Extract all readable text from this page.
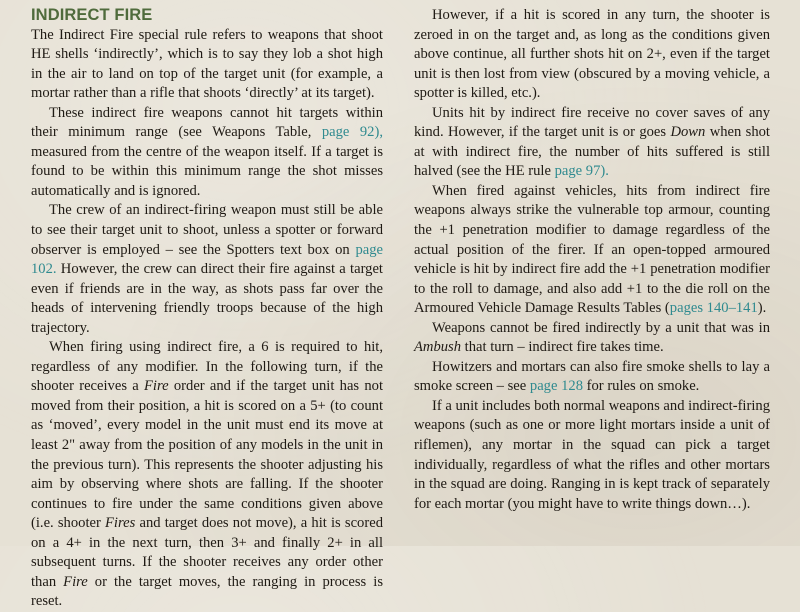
INDIRECT FIRE

The Indirect Fire special rule refers to weapons that shoot HE shells ‘indirectly’, which is to say they lob a shot high in the air to land on top of the target unit (for example, a mortar rather than a rifle that shoots ‘directly’ at its target).

These indirect fire weapons cannot hit targets within their minimum range (see Weapons Table, page 92), measured from the centre of the weapon itself. If a target is found to be within this minimum range the shot misses automatically and is ignored.

The crew of an indirect-firing weapon must still be able to see their target unit to shoot, unless a spotter or forward observer is employed – see the Spotters text box on page 102. However, the crew can direct their fire against a target even if friends are in the way, as shots pass far over the heads of intervening friendly troops because of the high trajectory.

When firing using indirect fire, a 6 is required to hit, regardless of any modifier. In the following turn, if the shooter receives a Fire order and if the target unit has not moved from their position, a hit is scored on a 5+ (to count as ‘moved’, every model in the unit must end its move at least 2" away from the position of any models in the unit in the previous turn). This represents the shooter adjusting his aim by observing where shots are falling. If the shooter continues to fire under the same conditions given above (i.e. shooter Fires and target does not move), a hit is scored on a 4+ in the next turn, then 3+ and finally 2+ in all subsequent turns. If the shooter receives any order other than Fire or the target moves, the ranging in process is reset.

However, if a hit is scored in any turn, the shooter is zeroed in on the target and, as long as the conditions given above continue, all further shots hit on 2+, even if the target unit is then lost from view (obscured by a moving vehicle, a spotter is killed, etc.).

Units hit by indirect fire receive no cover saves of any kind. However, if the target unit is or goes Down when shot at with indirect fire, the number of hits suffered is still halved (see the HE rule page 97).

When fired against vehicles, hits from indirect fire weapons always strike the vulnerable top armour, counting the +1 penetration modifier to damage regardless of the actual position of the firer. If an open-topped armoured vehicle is hit by indirect fire add the +1 penetration modifier to the roll to damage, and also add +1 to the die roll on the Armoured Vehicle Damage Results Tables (pages 140–141).

Weapons cannot be fired indirectly by a unit that was in Ambush that turn – indirect fire takes time.

Howitzers and mortars can also fire smoke shells to lay a smoke screen – see page 128 for rules on smoke.

If a unit includes both normal weapons and indirect-firing weapons (such as one or more light mortars inside a unit of riflemen), any mortar in the squad can pick a target individually, regardless of what the rifles and other mortars in the squad are doing. Ranging in is kept track of separately for each mortar (you might have to write things down…).
